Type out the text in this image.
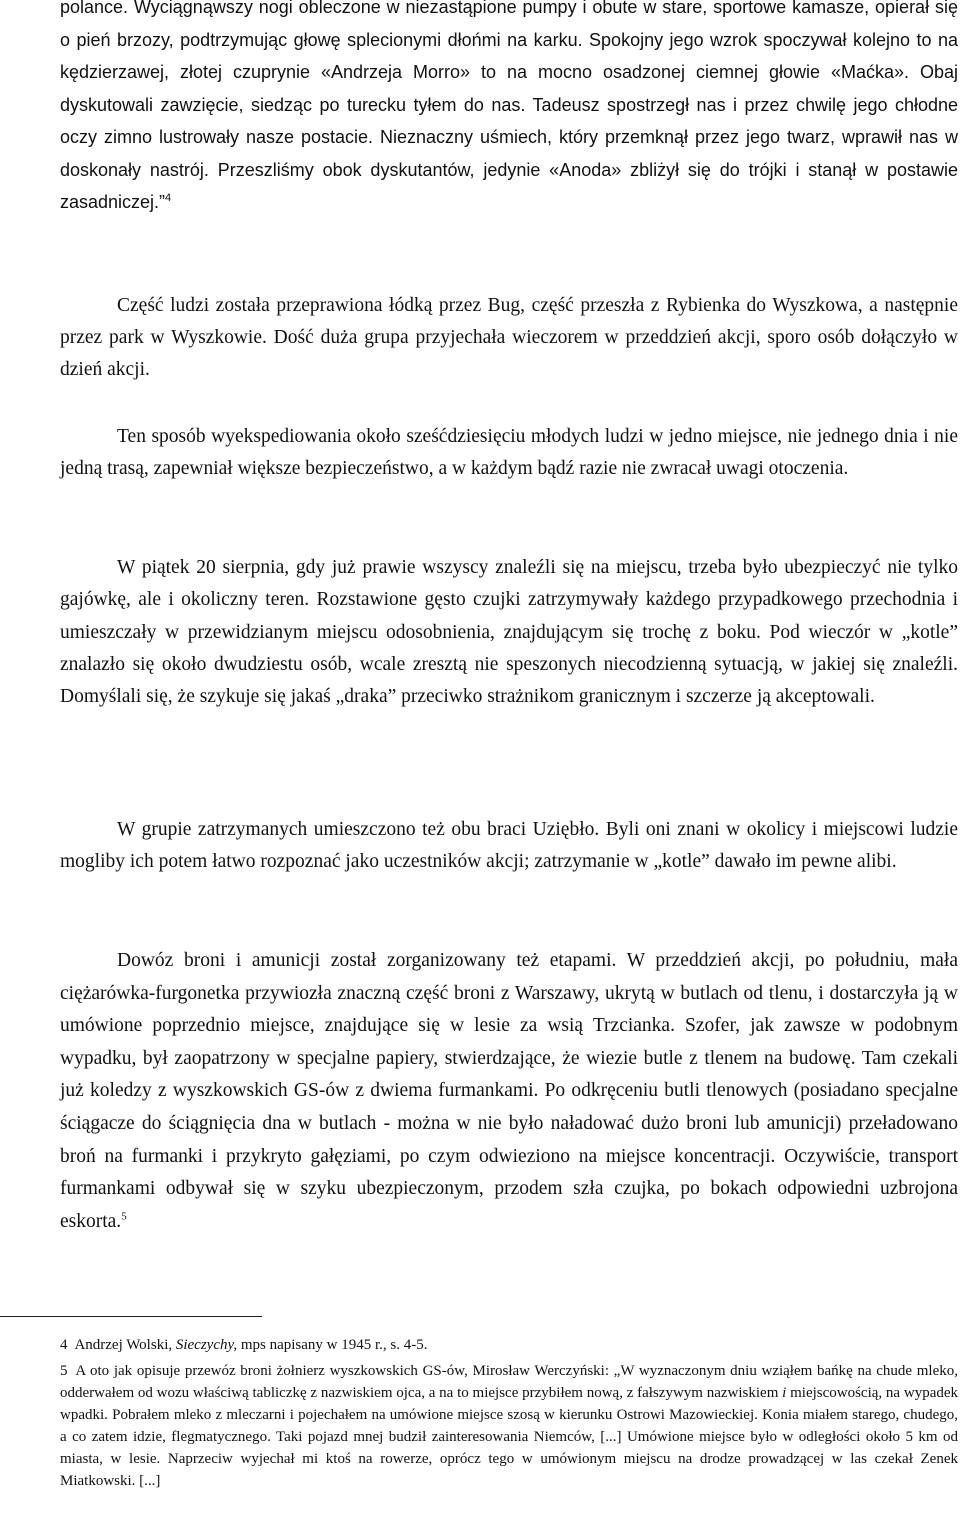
polance. Wyciągnąwszy nogi obleczone w niezastąpione pumpy i obute w stare, sportowe kamasze, opierał się o pień brzozy, podtrzymując głowę splecionymi dłońmi na karku. Spokojny jego wzrok spoczywał kolejno to na kędzierzawej, złotej czuprynie «Andrzeja Morro» to na mocno osadzonej ciemnej głowie «Maćka». Obaj dyskutowali zawzięcie, siedząc po turecku tyłem do nas. Tadeusz spostrzegł nas i przez chwilę jego chłodne oczy zimno lustrowały nasze postacie. Nieznaczny uśmiech, który przemknął przez jego twarz, wprawił nas w doskonały nastrój. Przeszliśmy obok dyskutantów, jedynie «Anoda» zbliżył się do trójki i stanął w postawie zasadniczej.”$^4$

Część ludzi została przeprawiona łódką przez Bug, część przeszła z Rybienka do Wyszkowa, a następnie przez park w Wyszkowie. Dość duża grupa przyjechała wieczorem w przeddzień akcji, sporo osób dołączyło w dzień akcji.

Ten sposób wyekspediowania około sześćdziesięciu młodych ludzi w jedno miejsce, nie jednego dnia i nie jedną trasą, zapewniał większe bezpieczeństwo, a w każdym bądź razie nie zwracał uwagi otoczenia.

W piątek 20 sierpnia, gdy już prawie wszyscy znaleźli się na miejscu, trzeba było ubezpieczyć nie tylko gajówkę, ale i okoliczny teren. Rozstawione gęsto czujki zatrzymywały każdego przypadkowego przechodnia i umieszczały w przewidzianym miejscu odosobnienia, znajdującym się trochę z boku. Pod wieczór w „kotle” znalazło się około dwudziestu osób, wcale zresztą nie speszonych niecodzienną sytuacją, w jakiej się znaleźli. Domyślali się, że szykuje się jakaś „draka” przeciwko strażnikom granicznym i szczerze ją akceptowali.

W grupie zatrzymanych umieszczono też obu braci Uziębło. Byli oni znani w okolicy i miejscowi ludzie mogliby ich potem łatwo rozpoznać jako uczestników akcji; zatrzymanie w „kotle” dawało im pewne alibi.

Dowóz broni i amunicji został zorganizowany też etapami. W przeddzień akcji, po południu, mała ciężarówka-furgonetka przywiozła znaczną część broni z Warszawy, ukrytą w butlach od tlenu, i dostarczyła ją w umówione poprzednio miejsce, znajdujące się w lesie za wsią Trzcianka. Szofer, jak zawsze w podobnym wypadku, był zaopatrzony w specjalne papiery, stwierdzające, że wiezie butle z tlenem na budowę. Tam czekali już koledzy z wyszkowskich GS-ów z dwiema furmankami. Po odkręceniu butli tlenowych (posiadano specjalne ściągacze do ściągnięcia dna w butlach - można w nie było naładować dużo broni lub amunicji) przeładowano broń na furmanki i przykryto gałęziami, po czym odwieziono na miejsce koncentracji. Oczywiście, transport furmankami odbywał się w szyku ubezpieczonym, przodem szła czujka, po bokach odpowiedni uzbrojona eskorta.$^5$

4 Andrzej Wolski, Sieczychy, mps napisany w 1945 r., s. 4-5.

5 A oto jak opisuje przewóz broni żołnierz wyszkowskich GS-ów, Mirosław Werczyński: „W wyznaczonym dniu wziąłem bańkę na chude mleko, odderwałem od wozu właściwą tabliczkę z nazwiskiem ojca, a na to miejsce przybiłem nową, z fałszywym nazwiskiem i miejscowością, na wypadek wpadki. Pobrałem mleko z mleczarni i pojechałem na umówione miejsce szosą w kierunku Ostrowi Mazowieckiej. Konia miałem starego, chudego, a co zatem idzie, flegmatycznego. Taki pojazd mnej budził zainteresowania Niemców, [...] Umówione miejsce było w odległości około 5 km od miasta, w lesie. Naprzeciw wyjechał mi ktoś na rowerze, oprócz tego w umówionym miejscu na drodze prowadzącej w las czekał Zenek Miatkowski. [...]
